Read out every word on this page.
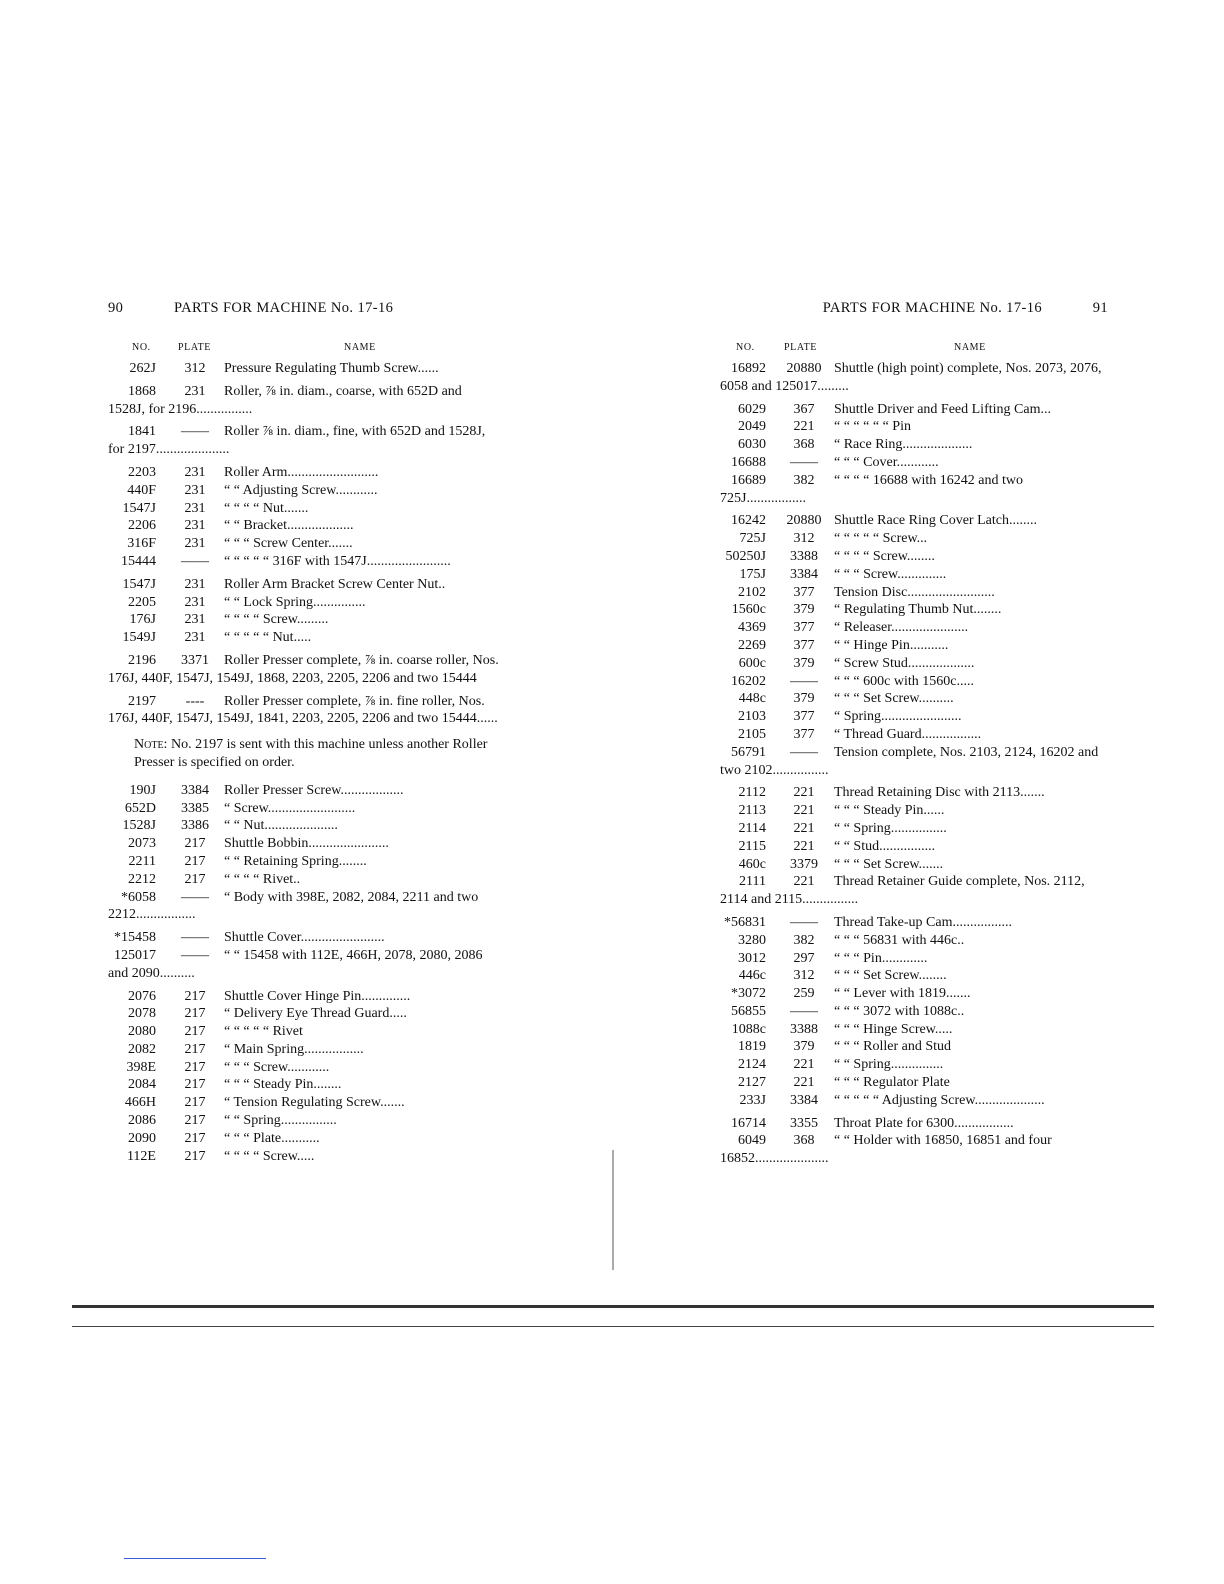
90	PARTS FOR MACHINE No. 17-16
NO.	PLATE	NAME
262J	312	Pressure Regulating Thumb Screw......
1868	231	Roller, ⅞ in. diam., coarse, with 652D and 1528J, for 2196................
1841	——	Roller ⅞ in. diam., fine, with 652D and 1528J, for 2197.....................
2203	231	Roller Arm..........................
440F	231	“ “ Adjusting Screw............
1547J	231	“ “ “ “ Nut.......
2206	231	“ “ Bracket...................
316F	231	“ “ “ Screw Center.......
15444	——	“ “ “ “ “ 316F with 1547J........................
1547J	231	Roller Arm Bracket Screw Center Nut..
2205	231	“ “ Lock Spring...............
176J	231	“ “ “ “ Screw.........
1549J	231	“ “ “ “ “ Nut.....
2196	3371	Roller Presser complete, ⅞ in. coarse roller, Nos. 176J, 440F, 1547J, 1549J, 1868, 2203, 2205, 2206 and two 15444
2197	----	Roller Presser complete, ⅞ in. fine roller, Nos. 176J, 440F, 1547J, 1549J, 1841, 2203, 2205, 2206 and two 15444......
Note: No. 2197 is sent with this machine unless another Roller Presser is specified on order.
190J	3384	Roller Presser Screw..................
652D	3385	“ Screw.........................
1528J	3386	“ “ Nut.....................
2073	217	Shuttle Bobbin.......................
2211	217	“ “ Retaining Spring........
2212	217	“ “ “ “ Rivet..
*6058	——	“ Body with 398E, 2082, 2084, 2211 and two 2212.................
*15458	——	Shuttle Cover........................
125017	——	“ “ 15458 with 112E, 466H, 2078, 2080, 2086 and 2090..........
2076	217	Shuttle Cover Hinge Pin..............
2078	217	“ Delivery Eye Thread Guard.....
2080	217	“ “ “ “ “ Rivet
2082	217	“ Main Spring.................
398E	217	“ “ “ Screw............
2084	217	“ “ “ Steady Pin........
466H	217	“ Tension Regulating Screw.......
2086	217	“ “ Spring................
2090	217	“ “ “ Plate...........
112E	217	“ “ “ “ Screw.....
PARTS FOR MACHINE No. 17-16	91
NO.	PLATE	NAME
16892	20880 Shuttle (high point) complete, Nos. 2073, 2076, 6058 and 125017.........
6029	367	Shuttle Driver and Feed Lifting Cam...
2049	221	“ “ “ “ “ “ Pin
6030	368	“ Race Ring....................
16688	——	“ “ “ Cover............
16689	382	“ “ “ “ 16688 with 16242 and two 725J.................
16242	20880 Shuttle Race Ring Cover Latch........
725J	312	“ “ “ “ “ Screw...
50250J	3388	“ “ “ “ Screw........
175J	3384	“ “ “ Screw..............
2102	377	Tension Disc.........................
1560c	379	“ Regulating Thumb Nut........
4369	377	“ Releaser......................
2269	377	“ “ Hinge Pin...........
600c	379	“ Screw Stud...................
16202	——	“ “ “ 600c with 1560c.....
448c	379	“ “ “ Set Screw..........
2103	377	“ Spring.......................
2105	377	“ Thread Guard.................
56791	——	Tension complete, Nos. 2103, 2124, 16202 and two 2102................
2112	221	Thread Retaining Disc with 2113.......
2113	221	“ “ “ Steady Pin......
2114	221	“ “ Spring................
2115	221	“ “ Stud................
460c	3379	“ “ “ Set Screw.......
2111	221	Thread Retainer Guide complete, Nos. 2112, 2114 and 2115................
*56831	——	Thread Take-up Cam.................
3280	382	“ “ “ 56831 with 446c..
3012	297	“ “ “ Pin.............
446c	312	“ “ “ Set Screw........
*3072	259	“ “ Lever with 1819.......
56855	——	“ “ “ 3072 with 1088c..
1088c	3388	“ “ “ Hinge Screw.....
1819	379	“ “ “ Roller and Stud
2124	221	“ “ Spring...............
2127	221	“ “ “ Regulator Plate
233J	3384	“ “ “ “ “ Adjusting Screw....................
16714	3355	Throat Plate for 6300.................
6049	368	“ “ Holder with 16850, 16851 and four 16852.....................
